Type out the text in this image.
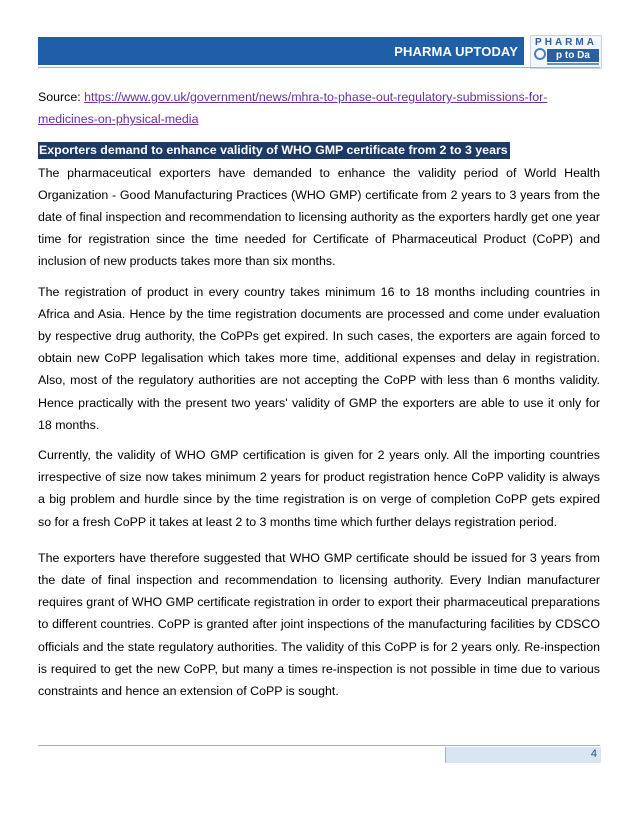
PHARMA UPTODAY
PHARMA
p to Da

Source: https://www.gov.uk/government/news/mhra-to-phase-out-regulatory-submissions-for-
medicines-on-physical-media

Exporters demand to enhance validity of WHO GMP certificate from 2 to 3 years

The pharmaceutical exporters have demanded to enhance the validity period of World Health Organization - Good Manufacturing Practices (WHO GMP) certificate from 2 years to 3 years from the date of final inspection and recommendation to licensing authority as the exporters hardly get one year time for registration since the time needed for Certificate of Pharmaceutical Product (CoPP) and inclusion of new products takes more than six months.

The registration of product in every country takes minimum 16 to 18 months including countries in Africa and Asia. Hence by the time registration documents are processed and come under evaluation by respective drug authority, the CoPPs get expired. In such cases, the exporters are again forced to obtain new CoPP legalisation which takes more time, additional expenses and delay in registration. Also, most of the regulatory authorities are not accepting the CoPP with less than 6 months validity. Hence practically with the present two years' validity of GMP the exporters are able to use it only for 18 months.

Currently, the validity of WHO GMP certification is given for 2 years only. All the importing countries irrespective of size now takes minimum 2 years for product registration hence CoPP validity is always a big problem and hurdle since by the time registration is on verge of completion CoPP gets expired so for a fresh CoPP it takes at least 2 to 3 months time which further delays registration period.

The exporters have therefore suggested that WHO GMP certificate should be issued for 3 years from the date of final inspection and recommendation to licensing authority. Every Indian manufacturer requires grant of WHO GMP certificate registration in order to export their pharmaceutical preparations to different countries. CoPP is granted after joint inspections of the manufacturing facilities by CDSCO officials and the state regulatory authorities. The validity of this CoPP is for 2 years only. Re-inspection is required to get the new CoPP, but many a times re-inspection is not possible in time due to various constraints and hence an extension of CoPP is sought.

4
